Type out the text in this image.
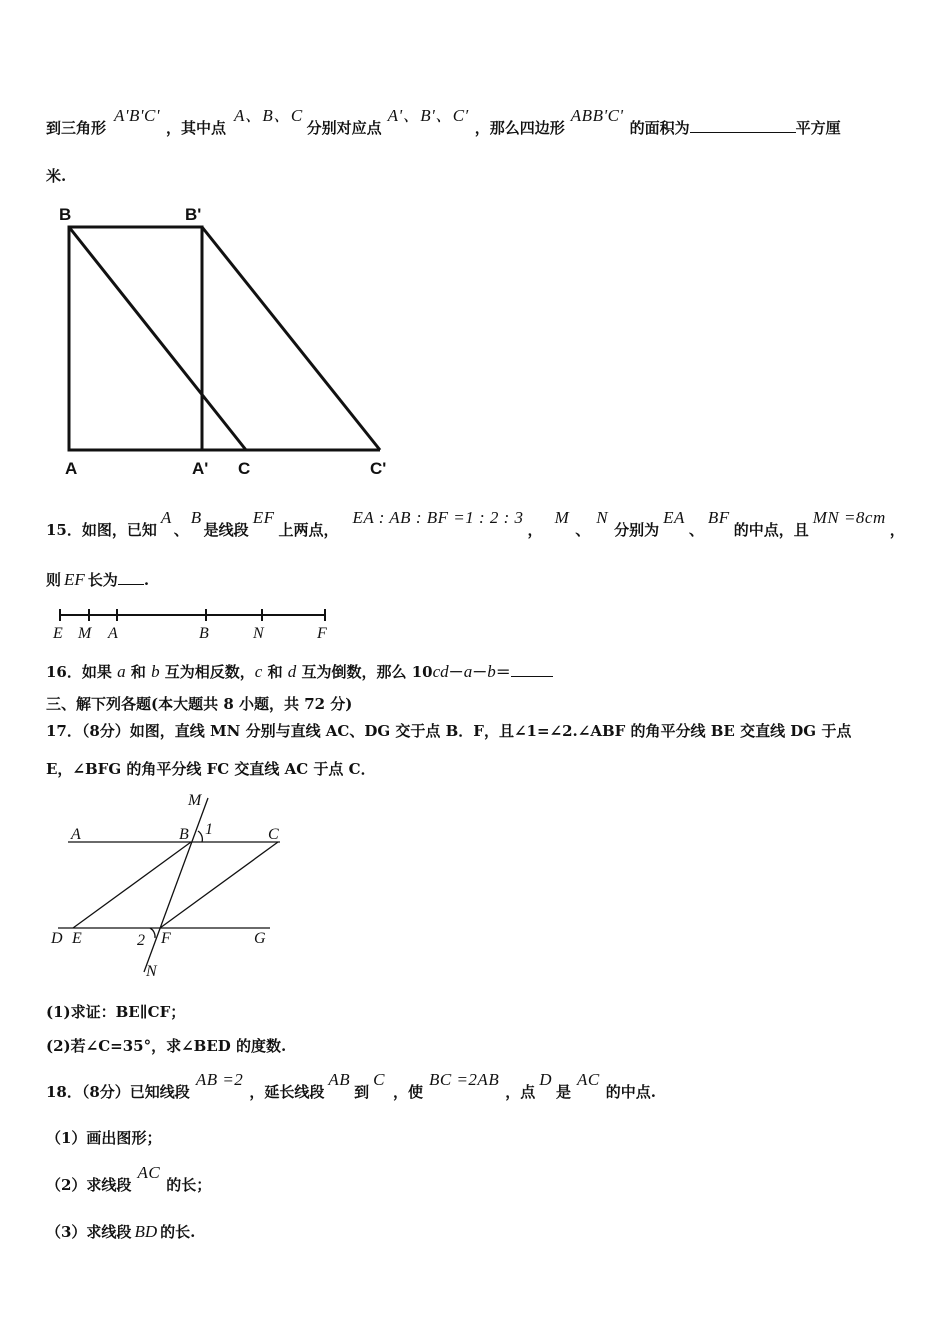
到三角形A'B'C'，其中点A、B、C分别对应点A'、B'、C′，那么四边形ABB'C'的面积为	平方厘
米.
B	B'
A	A' C	C'
15．如图，已知A、B是线段EF上两点，EA : AB : BF =1 : 2 : 3，M、N分别为EA、BF的中点，且MN =8cm，
则 EF 长为 .
E M A	B	N	F
16．如果 a 和 b 互为相反数，c 和 d 互为倒数，那么 10cd－a－b＝
三、解下列各题(本大题共 8 小题，共 72 分)
17．（8分）如图，直线 MN 分别与直线 AC、DG 交于点 B．F，且∠1=∠2.∠ABF 的角平分线 BE 交直线 DG 于点
E，∠BFG 的角平分线 FC 交直线 AC 于点 C．
M
A	B 1	C
D E	2 F	G
N
(1)求证：BE∥CF；
(2)若∠C=35°，求∠BED 的度数.
18．（8分）已知线段AB =2，延长线段AB到C，使BC =2AB，点D是AC的中点.
（1）画出图形；
（2）求线段AC的长；
（3）求线段 BD 的长.
